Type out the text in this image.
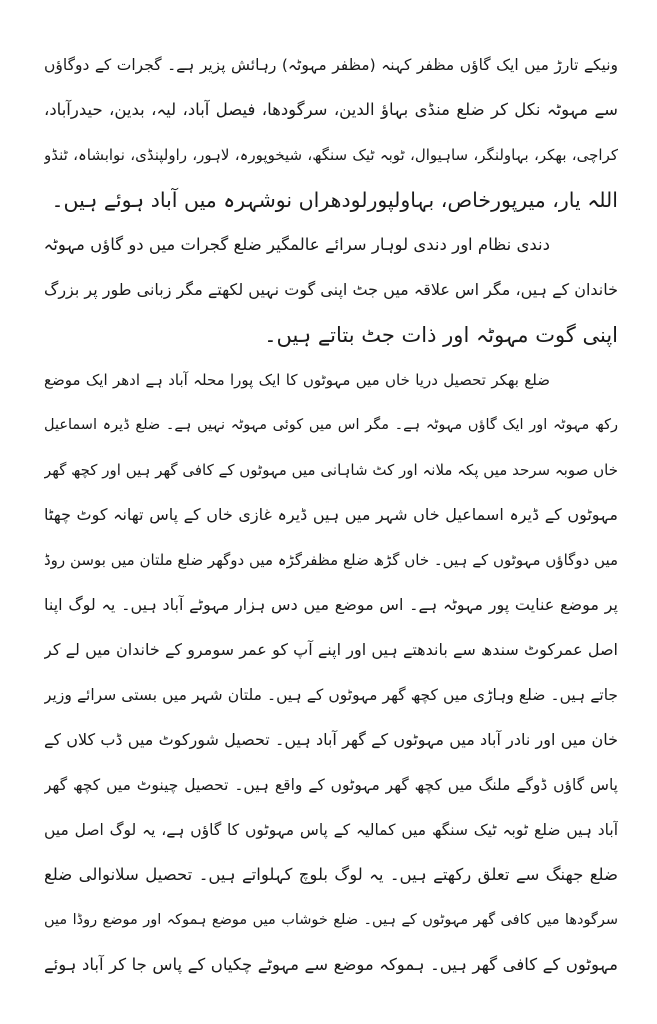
ونیکے تارڑ میں ایک گاؤں مظفر کہنہ (مظفر مہوٹہ) رہائش پزیر ہے۔ گجرات کے دوگاؤں
سے مہوٹہ نکل کر ضلع منڈی بہاؤ الدین، سرگودھا، فیصل آباد، لیہ، بدین، حیدرآباد،
کراچی، بھکر، بہاولنگر، ساہیوال، ٹوبہ ٹیک سنگھ، شیخوپورہ، لاہور، راولپنڈی، نوابشاہ، ٹنڈو
اللہ یار، میرپورخاص، بہاولپورلودھراں نوشہرہ میں آباد ہوئے ہیں۔
دندی نظام اور دندی لوہار سرائے عالمگیر ضلع گجرات میں دو گاؤں مہوٹہ
خاندان کے ہیں، مگر اس علاقہ میں جٹ اپنی گوت نہیں لکھتے مگر زبانی طور پر بزرگ
اپنی گوت مہوٹہ اور ذات جٹ بتاتے ہیں۔
ضلع بھکر تحصیل دریا خاں میں مہوٹوں کا ایک پورا محلہ آباد ہے ادھر ایک موضع
رکھ مہوٹہ اور ایک گاؤں مہوٹہ ہے۔ مگر اس میں کوئی مہوٹہ نہیں ہے۔ ضلع ڈیرہ اسماعیل
خاں صوبہ سرحد میں پکہ ملانہ اور کٹ شاہانی میں مہوٹوں کے کافی گھر ہیں اور کچھ گھر
مہوٹوں کے ڈیرہ اسماعیل خاں شہر میں ہیں ڈیرہ غازی خاں کے پاس تھانہ کوٹ چھٹا
میں دوگاؤں مہوٹوں کے ہیں۔ خاں گڑھ ضلع مظفرگڑہ میں دوگھر ضلع ملتان میں بوسن روڈ
پر موضع عنایت پور مہوٹہ ہے۔ اس موضع میں دس ہزار مہوٹے آباد ہیں۔ یہ لوگ اپنا
اصل عمرکوٹ سندھ سے باندھتے ہیں اور اپنے آپ کو عمر سومرو کے خاندان میں لے کر
جاتے ہیں۔ ضلع وہاڑی میں کچھ گھر مہوٹوں کے ہیں۔ ملتان شہر میں بستی سرائے وزیر
خان میں اور نادر آباد میں مہوٹوں کے گھر آباد ہیں۔ تحصیل شورکوٹ میں ڈب کلاں کے
پاس گاؤں ڈوگے ملنگ میں کچھ گھر مہوٹوں کے واقع ہیں۔ تحصیل چینوٹ میں کچھ گھر
آباد ہیں ضلع ٹوبہ ٹیک سنگھ میں کمالیہ کے پاس مہوٹوں کا گاؤں ہے، یہ لوگ اصل میں
ضلع جھنگ سے تعلق رکھتے ہیں۔ یہ لوگ بلوچ کہلواتے ہیں۔ تحصیل سلانوالی ضلع
سرگودھا میں کافی گھر مہوٹوں کے ہیں۔ ضلع خوشاب میں موضع ہموکہ اور موضع روڈا میں
مہوٹوں کے کافی گھر ہیں۔ ہموکہ موضع سے مہوٹے چکیاں کے پاس جا کر آباد ہوئے
